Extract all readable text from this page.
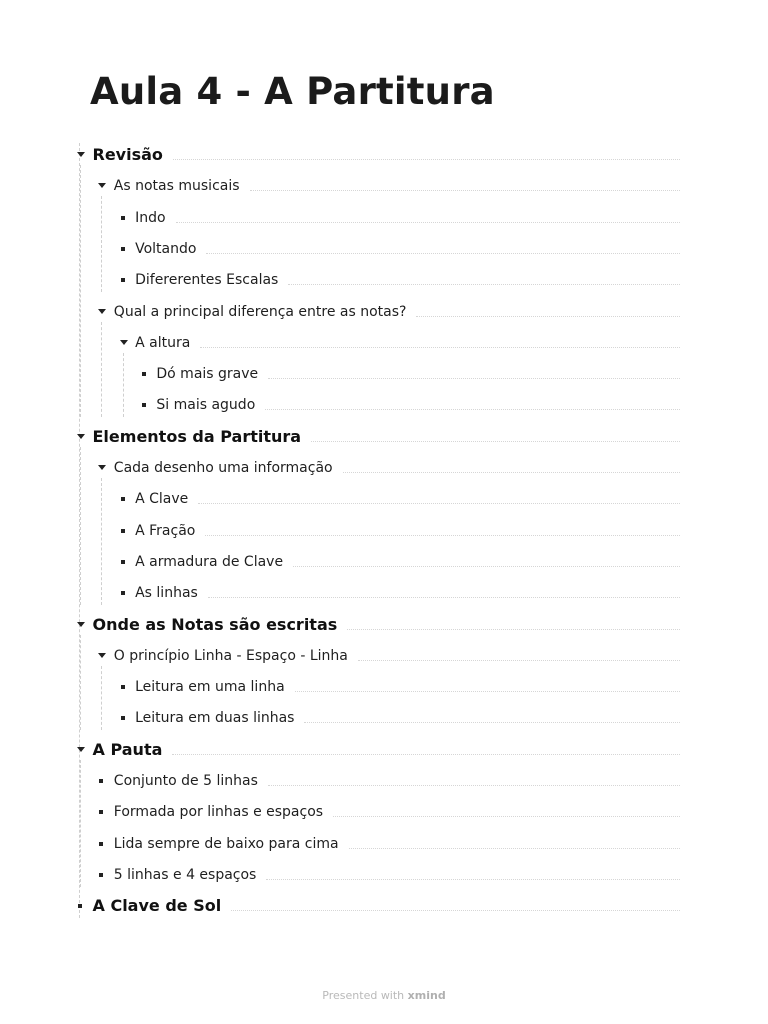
Aula 4 - A Partitura
Revisão
As notas musicais
Indo
Voltando
Difererentes Escalas
Qual a principal diferença entre as notas?
A altura
Dó mais grave
Si mais agudo
Elementos da Partitura
Cada desenho uma informação
A Clave
A Fração
A armadura de Clave
As linhas
Onde as Notas são escritas
O princípio Linha - Espaço - Linha
Leitura em uma linha
Leitura em duas linhas
A Pauta
Conjunto de 5 linhas
Formada por linhas e espaços
Lida sempre de baixo para cima
5 linhas e 4 espaços
A Clave de Sol
Presented with xmind
